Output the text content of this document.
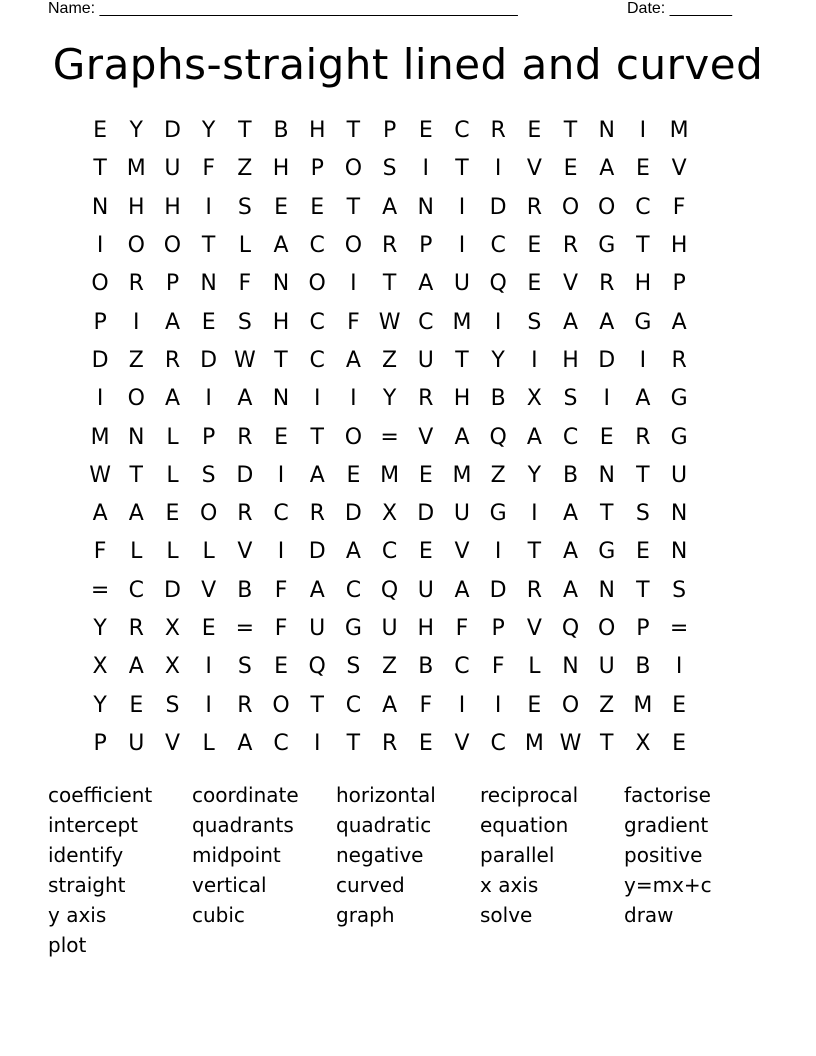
Name: _______________________________________________	Date: _______
Graphs-straight lined and curved
E	Y D Y	T B H T	P	E C R E	T N	I	M
T M U F	Z H P O S	I	T	I	V E A E V
N H H	I	S	E	E	T A N	I	D R O O C	F
I	O O T	L	A C O R P	I	C E R G T H
O R P N F N O	I	T A U Q E V R H P
P	I	A E	S H C	F W C M	I	S A A G A
D Z R D W T C A Z U T	Y	I	H D	I	R
I	O A	I	A N	I	I	Y R H B X S	I	A G
M N L	P R E	T O = V A Q A C E R G
W T	L	S D	I	A E M E M Z Y B N T U
A A E O R C R D X D U G	I	A T	S N
F	L	L	L	V	I	D A C E V	I	T A G E N
= C D V B	F	A C Q U A D R A N T	S
Y R X E = F U G U H F	P	V Q O P =
X A X	I	S	E Q S Z B C	F	L N U B	I
Y	E	S	I	R O T C A	F	I	I	E O Z M E
P U V	L	A C	I	T R E V C M W T X E
coefficient	coordinate	horizontal	reciprocal	factorise
intercept	quadrants	quadratic	equation	gradient
identify	midpoint	negative	parallel	positive
straight	vertical	curved	x axis	y=mx+c
y axis	cubic	graph	solve	draw
plot
